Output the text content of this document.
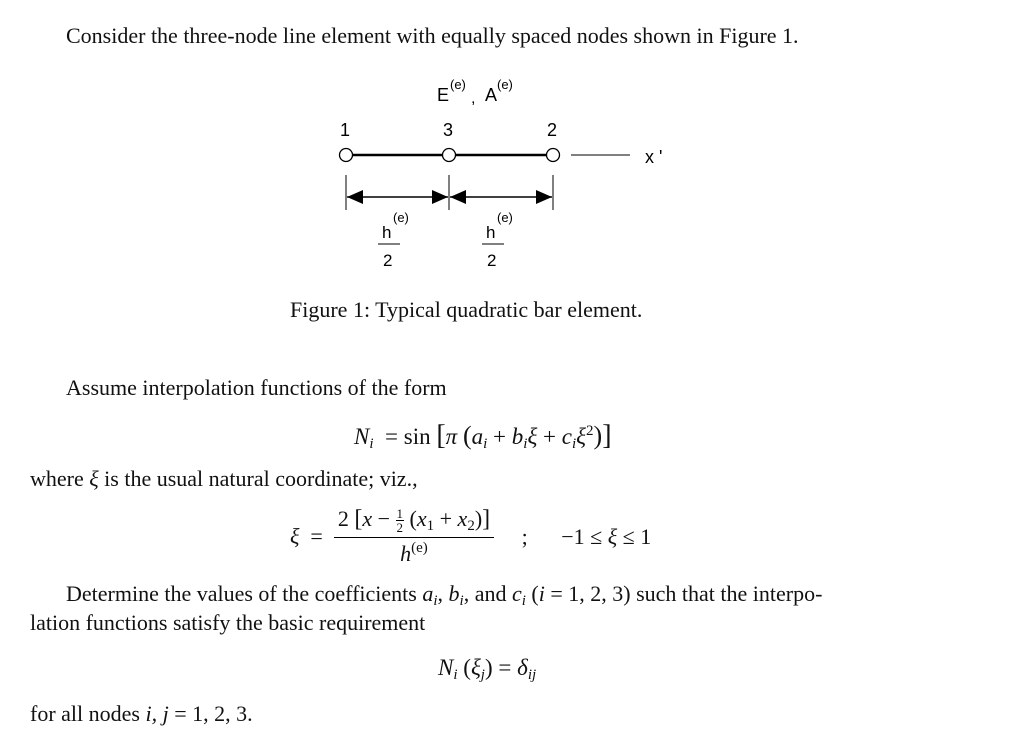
Consider the three-node line element with equally spaced nodes shown in Figure 1.
E
(e)
, A
(e)
1	3	2
x '
h
(e)
2
h
(e)
2
Figure 1: Typical quadratic bar element.
Assume interpolation functions of the form
$N_i = \sin [\pi$ $(a_i + b_i\xi + c_i\xi^2)$]
where ξ is the usual natural coordinate; viz.,
$\xi = \frac{2 [x - \frac{1}{2} (x_1 + x_2)]}{h^{(e)}}$ ; −1 ≤ ξ ≤ 1
Determine the values of the coefficients $a_i$, $b_i$, and $c_i$ (i = 1, 2, 3) such that the interpo-
lation functions satisfy the basic requirement
$N_i$ $(\xi_j) = \delta_{ij}$
for all nodes i, j = 1, 2, 3.
